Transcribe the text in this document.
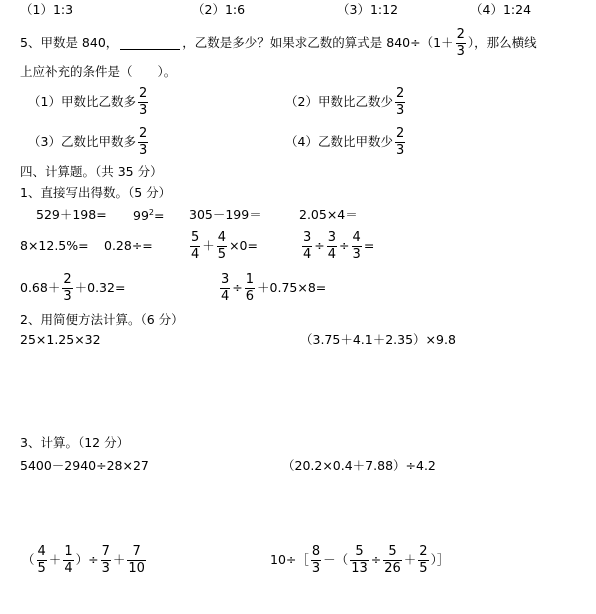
（1）1:3	（2）1:6	（3）1:12	（4）1:24
5、甲数是 840，	，乙数是多少？如果求乙数的算式是 $840\div(1+ \frac{2}{3}$ ），那么横线
上应补充的条件是（　　）。
（1）甲数比乙数多 $\frac{2}{3}$	（2）甲数比乙数少 $\frac{2}{3}$
（3）乙数比甲数多 $\frac{2}{3}$	（4）乙数比甲数少 $\frac{2}{3}$
四、计算题。（共 35 分）
1、直接写出得数。（5 分）
$529+198= 99^2= 305-199=$	2.05×4＝
8×12.5%= 0.28÷=	$\frac{5}{4} + \frac{4}{5} \times 0=$	$\frac{3}{4} \div \frac{3}{4} \div \frac{4}{3}$ =
$0.68+ \frac{2}{3} +0.32=$	$\frac{3}{4} \div \frac{1}{6} +0.75\times 8=$
2、用简便方法计算。（6 分）
25×1.25×32	（3.75＋4.1＋2.35）×9.8
3、计算。（12 分）
5400－2940÷28×27	（20.2×0.4＋7.88）÷4.2
（ $\frac{4}{5} + \frac{1}{4}$ ）÷ $\frac{7}{3} + \frac{7}{10}$	10÷［ $\frac{8}{3}$ －（ $\frac{5}{13} \div \frac{5}{26} + \frac{2}{5}$ ）］
